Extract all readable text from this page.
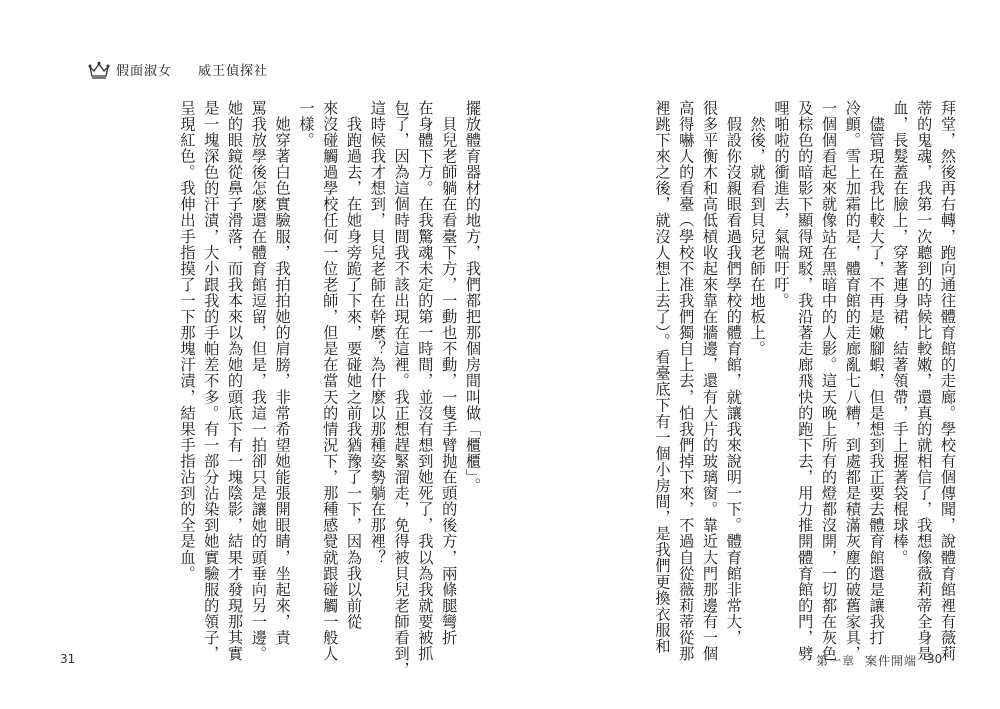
假面淑女 威王偵探社
擺放體育器材的地方，我們都把那個房間叫做「櫃櫃」。
　貝兒老師躺在看臺下方，一動也不動，一隻手臂抛在頭的後方，兩條腿彎折
在身體下方。在我驚魂未定的第一時間，並沒有想到她死了，我以為我就要被抓
包了，因為這個時間我不該出現在這裡。我正想趕緊溜走，免得被貝兒老師看到，
這時候我才想到，貝兒老師在幹麼？為什麼以那種姿勢躺在那裡？
　我跑過去，在她身旁跪了下來，要碰她之前我猶豫了一下，因為我以前從
來沒碰觸過學校任何一位老師，但是在當天的情況下，那種感覺就跟碰觸一般人
一樣。
　她穿著白色實驗服，我拍拍她的肩膀，非常希望她能張開眼睛，坐起來，責
罵我放學後怎麼還在體育館逗留，但是，我這一拍卻只是讓她的頭垂向另一邊。
她的眼鏡從鼻子滑落，而我本來以為她的頭底下有一塊陰影，結果才發現那其實
是一塊深色的汗漬，大小跟我的手帕差不多。有一部分沾染到她實驗服的領子，
呈現紅色。我伸出手指摸了一下那塊汗漬，結果手指沾到的全是血。	拜堂，然後再右轉，跑向通往體育館的走廊。學校有個傳聞，說體育館裡有薇莉
蒂的鬼魂，我第一次聽到的時候比較嫩，還真的就相信了，我想像薇莉蒂全身是
血，長髮蓋在臉上，穿著連身裙，結著領帶，手上握著袋棍球棒。
　儘管現在我比較大了，不再是嫩腳蝦，但是想到我正要去體育館還是讓我打
冷顫。雪上加霜的是，體育館的走廊亂七八糟，到處都是積滿灰塵的破舊家具，
一個個看起來就像站在黑暗中的人影。這天晚上所有的燈都沒開，一切都在灰色
及棕色的暗影下顯得斑駁，我沿著走廊飛快的跑下去，用力推開體育館的門，劈
哩啪啦的衝進去，氣喘吁吁。
　然後，就看到貝兒老師在地板上。
　假設你沒親眼看過我們學校的體育館，就讓我來說明一下。體育館非常大，
很多平衡木和高低槓收起來靠在牆邊，還有大片的玻璃窗。靠近大門那邊有一個
高得嚇人的看臺（學校不准我們獨自上去，怕我們掉下來，不過自從薇莉蒂從那
裡跳下來之後，就沒人想上去了）。看臺底下有一個小房間，是我們更換衣服和
31	第一章 案件開端 30
